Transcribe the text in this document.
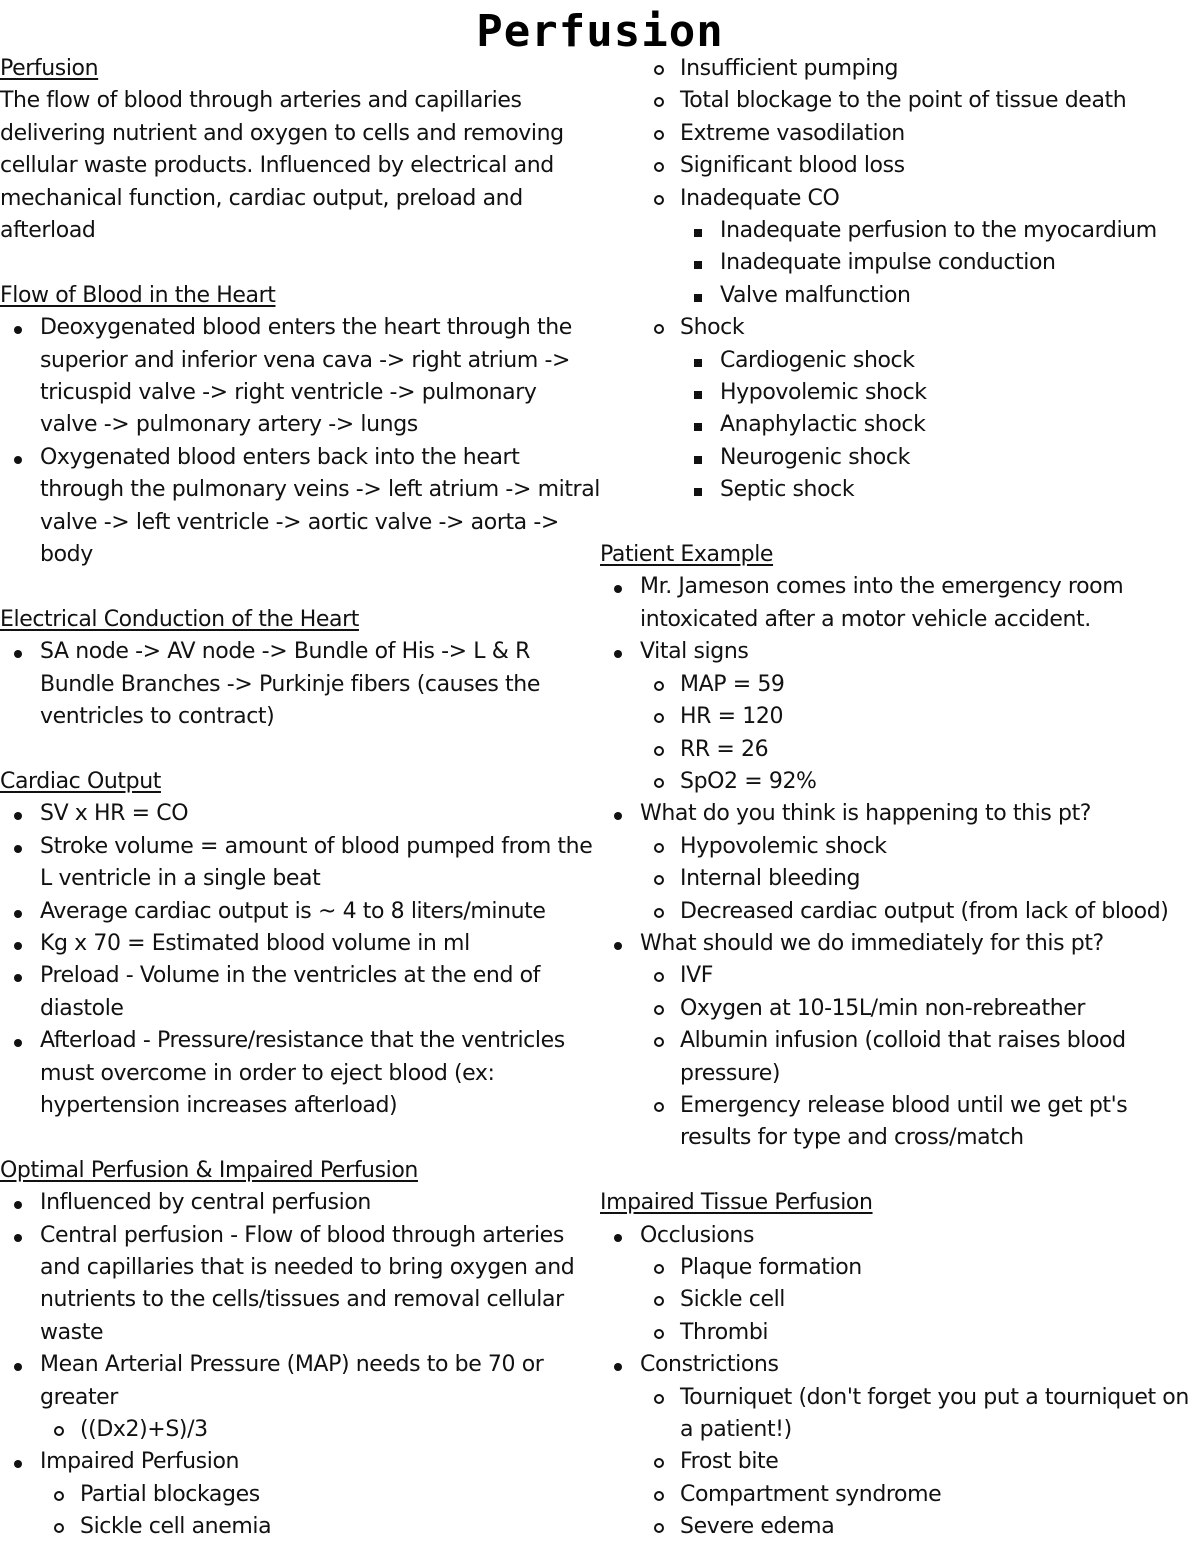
Perfusion

Perfusion

The flow of blood through arteries and capillaries delivering nutrient and oxygen to cells and removing cellular waste products. Influenced by electrical and mechanical function, cardiac output, preload and afterload

Flow of Blood in the Heart

Deoxygenated blood enters the heart through the superior and inferior vena cava -> right atrium -> tricuspid valve -> right ventricle -> pulmonary valve -> pulmonary artery -> lungs
Oxygenated blood enters back into the heart through the pulmonary veins -> left atrium -> mitral valve -> left ventricle -> aortic valve -> aorta -> body

Electrical Conduction of the Heart

SA node -> AV node -> Bundle of His -> L & R Bundle Branches -> Purkinje fibers (causes the ventricles to contract)

Cardiac Output

SV x HR = CO
Stroke volume = amount of blood pumped from the L ventricle in a single beat
Average cardiac output is ~ 4 to 8 liters/minute
Kg x 70 = Estimated blood volume in ml
Preload - Volume in the ventricles at the end of diastole
Afterload - Pressure/resistance that the ventricles must overcome in order to eject blood (ex: hypertension increases afterload)

Optimal Perfusion & Impaired Perfusion

Influenced by central perfusion
Central perfusion - Flow of blood through arteries and capillaries that is needed to bring oxygen and nutrients to the cells/tissues and removal cellular waste
Mean Arterial Pressure (MAP) needs to be 70 or greater
((Dx2)+S)/3
Impaired Perfusion
Partial blockages
Sickle cell anemia
Insufficient pumping
Total blockage to the point of tissue death
Extreme vasodilation
Significant blood loss
Inadequate CO
Inadequate perfusion to the myocardium
Inadequate impulse conduction
Valve malfunction
Shock
Cardiogenic shock
Hypovolemic shock
Anaphylactic shock
Neurogenic shock
Septic shock

Patient Example

Mr. Jameson comes into the emergency room intoxicated after a motor vehicle accident.
Vital signs
MAP = 59
HR = 120
RR = 26
SpO2 = 92%
What do you think is happening to this pt?
Hypovolemic shock
Internal bleeding
Decreased cardiac output (from lack of blood)
What should we do immediately for this pt?
IVF
Oxygen at 10-15L/min non-rebreather
Albumin infusion (colloid that raises blood pressure)
Emergency release blood until we get pt's results for type and cross/match

Impaired Tissue Perfusion

Occlusions
Plaque formation
Sickle cell
Thrombi
Constrictions
Tourniquet (don't forget you put a tourniquet on a patient!)
Frost bite
Compartment syndrome
Severe edema
